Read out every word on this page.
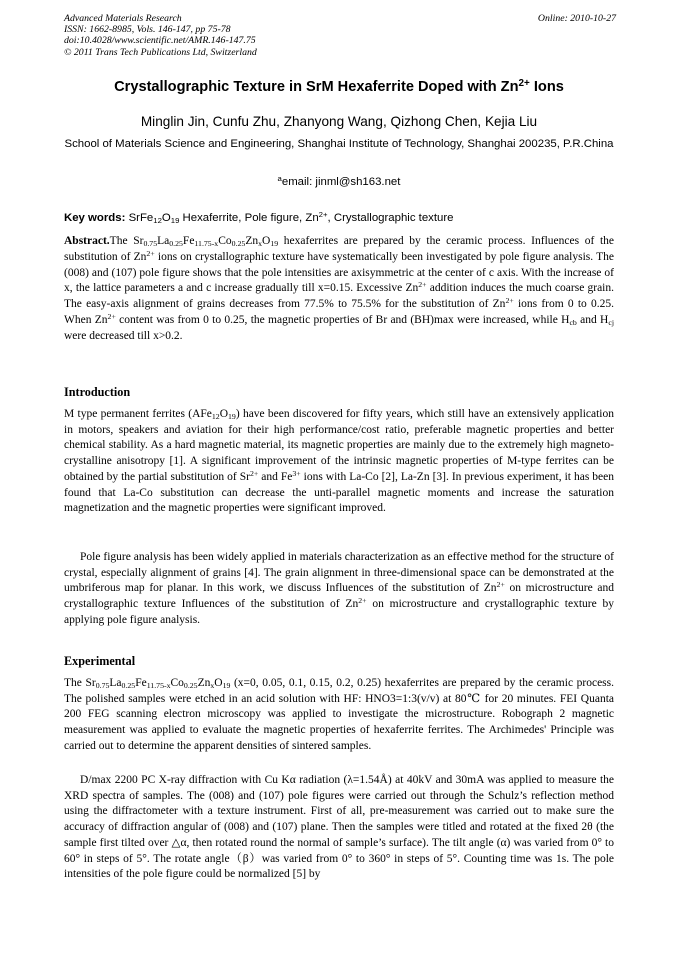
Advanced Materials Research
ISSN: 1662-8985, Vols. 146-147, pp 75-78
doi:10.4028/www.scientific.net/AMR.146-147.75
© 2011 Trans Tech Publications Ltd, Switzerland
Online: 2010-10-27
Crystallographic Texture in SrM Hexaferrite Doped with $Zn^{2+}$ Ions
Minglin Jin, Cunfu Zhu, Zhanyong Wang, Qizhong Chen, Kejia Liu
School of Materials Science and Engineering, Shanghai Institute of Technology, Shanghai 200235, P.R.China
$^a$email: jinml@sh163.net
Key words: $SrFe_{12}O_{19}$ Hexaferrite, Pole figure, $Zn^{2+}$, Crystallographic texture
Abstract.The $Sr_{0.75}La_{0.25}Fe_{11.75-x}Co_{0.25}Zn_xO_{19}$ hexaferrites are prepared by the ceramic process. Influences of the substitution of $Zn^{2+}$ ions on crystallographic texture have systematically been investigated by pole figure analysis. The (008) and (107) pole figure shows that the pole intensities are axisymmetric at the center of c axis. With the increase of x, the lattice parameters a and c increase gradually till x=0.15. Excessive $Zn^{2+}$ addition induces the much coarse grain. The easy-axis alignment of grains decreases from 77.5% to 75.5% for the substitution of $Zn^{2+}$ ions from 0 to 0.25. When $Zn^{2+}$ content was from 0 to 0.25, the magnetic properties of Br and (BH)max were increased, while $H_{cb}$ and $H_{cj}$ were decreased till x>0.2.
Introduction
M type permanent ferrites $(AFe_{12}O_{19})$ have been discovered for fifty years, which still have an extensively application in motors, speakers and aviation for their high performance/cost ratio, preferable magnetic properties and better chemical stability. As a hard magnetic material, its magnetic properties are mainly due to the extremely high magneto-crystalline anisotropy [1]. A significant improvement of the intrinsic magnetic properties of M-type ferrites can be obtained by the partial substitution of $Sr^{2+}$ and $Fe^{3+}$ ions with La-Co [2], La-Zn [3]. In previous experiment, it has been found that La-Co substitution can decrease the unti-parallel magnetic moments and increase the saturation magnetization and the magnetic properties were significant improved.
Pole figure analysis has been widely applied in materials characterization as an effective method for the structure of crystal, especially alignment of grains [4]. The grain alignment in three-dimensional space can be demonstrated at the umbriferous map for planar. In this work, we discuss Influences of the substitution of $Zn^{2+}$ on microstructure and crystallographic texture Influences of the substitution of $Zn^{2+}$ on microstructure and crystallographic texture by applying pole figure analysis.
Experimental
The $Sr_{0.75}La_{0.25}Fe_{11.75-x}Co_{0.25}Zn_xO_{19}$ (x=0, 0.05, 0.1, 0.15, 0.2, 0.25) hexaferrites are prepared by the ceramic process. The polished samples were etched in an acid solution with HF: HNO3=1:3(v/v) at 80℃ for 20 minutes. FEI Quanta 200 FEG scanning electron microscopy was applied to investigate the microstructure. Robograph 2 magnetic measurement was applied to evaluate the magnetic properties of hexaferrite ferrites. The Archimedes' Principle was carried out to determine the apparent densities of sintered samples.
D/max 2200 PC X-ray diffraction with Cu Kα radiation (λ=1.54Å) at 40kV and 30mA was applied to measure the XRD spectra of samples. The (008) and (107) pole figures were carried out through the Schulz’s reflection method using the diffractometer with a texture instrument. First of all, pre-measurement was carried out to make sure the accuracy of diffraction angular of (008) and (107) plane. Then the samples were titled and rotated at the fixed 2θ (the sample first tilted over △α, then rotated round the normal of sample’s surface). The tilt angle (α) was varied from 0° to 60° in steps of 5°. The rotate angle（β）was varied from 0° to 360° in steps of 5°. Counting time was 1s. The pole intensities of the pole figure could be normalized [5] by
